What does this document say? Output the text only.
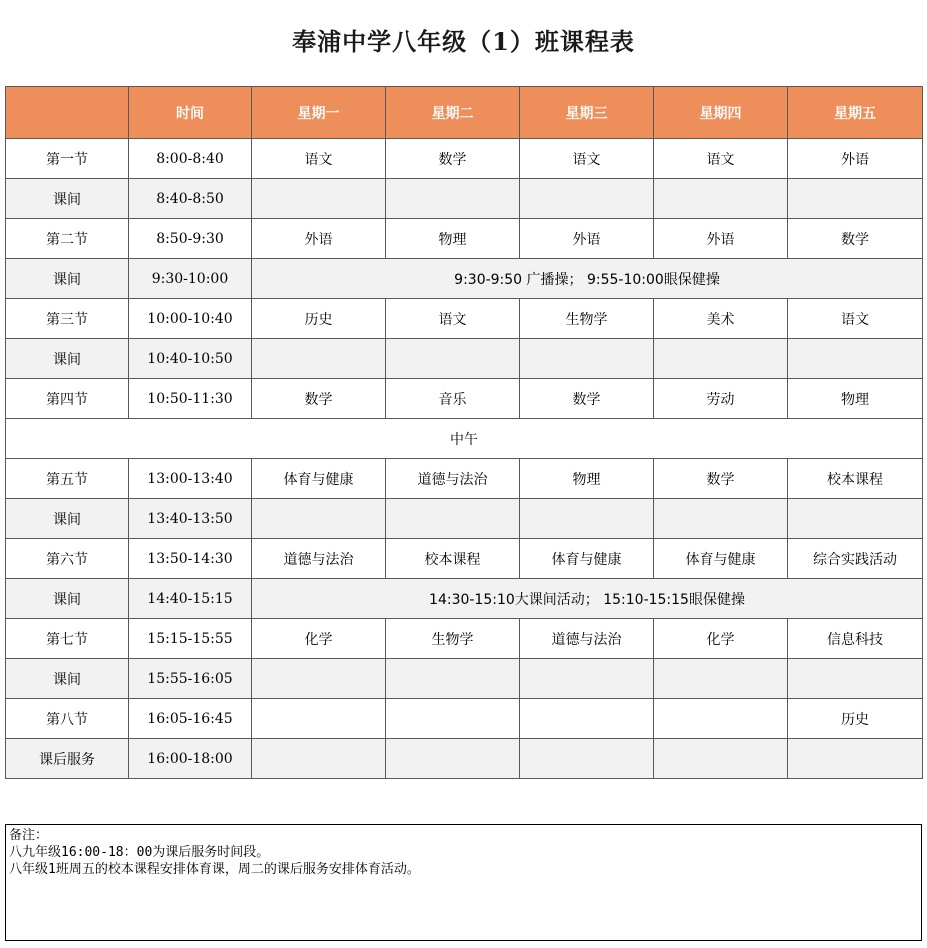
奉浦中学八年级（1）班课程表
	时间	星期一	星期二	星期三	星期四	星期五
第一节	8:00-8:40	语文	数学	语文	语文	外语
课间	8:40-8:50					
第二节	8:50-9:30	外语	物理	外语	外语	数学
课间	9:30-10:00	9:30-9:50 广播操； 9:55-10:00眼保健操				
第三节	10:00-10:40	历史	语文	生物学	美术	语文
课间	10:40-10:50					
第四节	10:50-11:30	数学	音乐	数学	劳动	物理
中午						
第五节	13:00-13:40	体育与健康	道德与法治	物理	数学	校本课程
课间	13:40-13:50					
第六节	13:50-14:30	道德与法治	校本课程	体育与健康	体育与健康	综合实践活动
课间	14:40-15:15	14:30-15:10大课间活动； 15:10-15:15眼保健操				
第七节	15:15-15:55	化学	生物学	道德与法治	化学	信息科技
课间	15:55-16:05					
第八节	16:05-16:45					历史
课后服务	16:00-18:00					
备注：
八九年级16:00-18：00为课后服务时间段。
八年级1班周五的校本课程安排体育课，周二的课后服务安排体育活动。
